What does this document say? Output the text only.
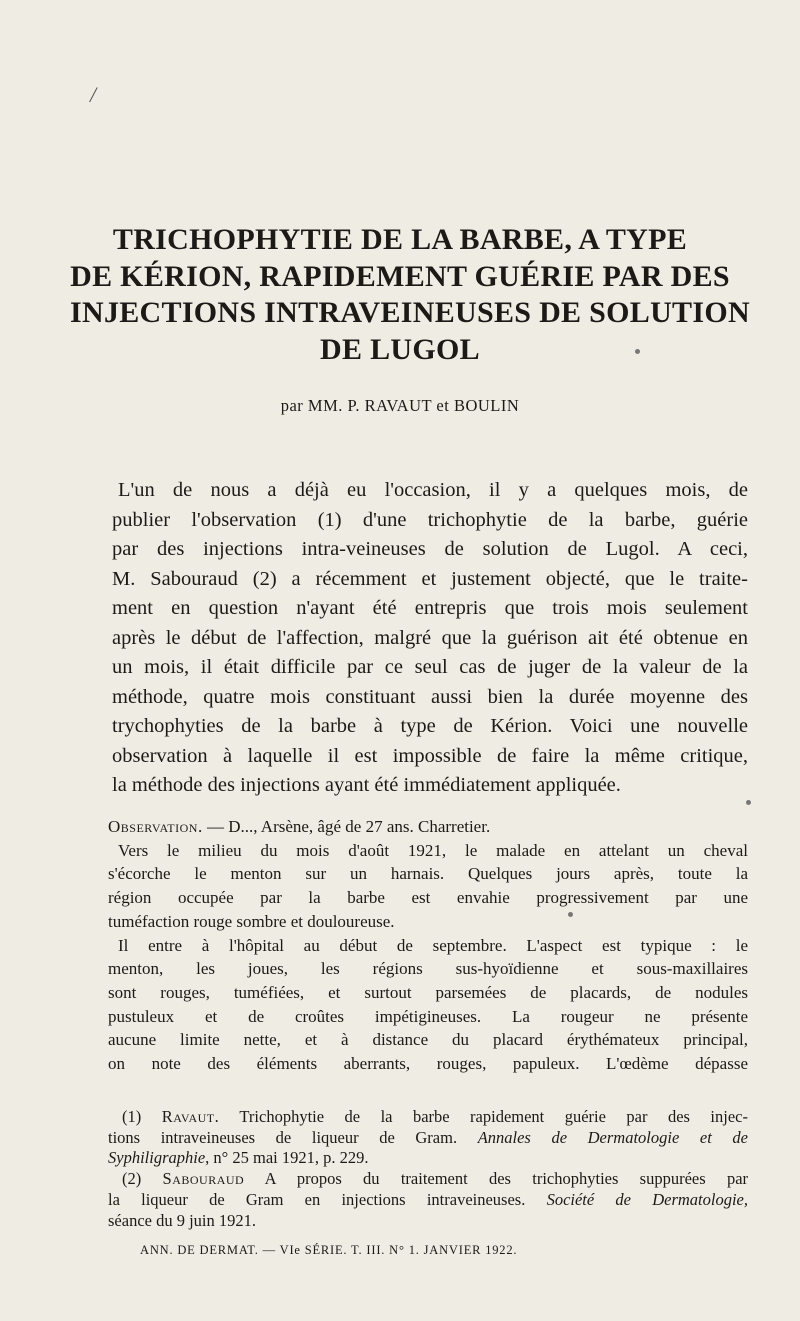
/
TRICHOPHYTIE DE LA BARBE, A TYPE
DE KÉRION, RAPIDEMENT GUÉRIE PAR DES
INJECTIONS INTRAVEINEUSES DE SOLUTION
DE LUGOL

par MM. P. RAVAUT et BOULIN

L'un de nous a déjà eu l'occasion, il y a quelques mois, de
publier l'observation (1) d'une trichophytie de la barbe, guérie
par des injections intra-veineuses de solution de Lugol. A ceci,
M. Sabouraud (2) a récemment et justement objecté, que le traite-
ment en question n'ayant été entrepris que trois mois seulement
après le début de l'affection, malgré que la guérison ait été obtenue en
un mois, il était difficile par ce seul cas de juger de la valeur de la
méthode, quatre mois constituant aussi bien la durée moyenne des
trychophyties de la barbe à type de Kérion. Voici une nouvelle
observation à laquelle il est impossible de faire la même critique,
la méthode des injections ayant été immédiatement appliquée.

Observation. — D..., Arsène, âgé de 27 ans. Charretier.
Vers le milieu du mois d'août 1921, le malade en attelant un cheval
s'écorche le menton sur un harnais. Quelques jours après, toute la
région occupée par la barbe est envahie progressivement par une
tuméfaction rouge sombre et douloureuse.
Il entre à l'hôpital au début de septembre. L'aspect est typique : le
menton, les joues, les régions sus-hyoïdienne et sous-maxillaires
sont rouges, tuméfiées, et surtout parsemées de placards, de nodules
pustuleux et de croûtes impétigineuses. La rougeur ne présente
aucune limite nette, et à distance du placard érythémateux principal,
on note des éléments aberrants, rouges, papuleux. L'œdème dépasse
(1) Ravaut. Trichophytie de la barbe rapidement guérie par des injec-
tions intraveineuses de liqueur de Gram. Annales de Dermatologie et de
Syphiligraphie, n° 25 mai 1921, p. 229.
(2) Sabouraud A propos du traitement des trichophyties suppurées par
la liqueur de Gram en injections intraveineuses. Société de Dermatologie,
séance du 9 juin 1921.
ANN. DE DERMAT. — VIe SÉRIE. T. III. N° 1. JANVIER 1922.
